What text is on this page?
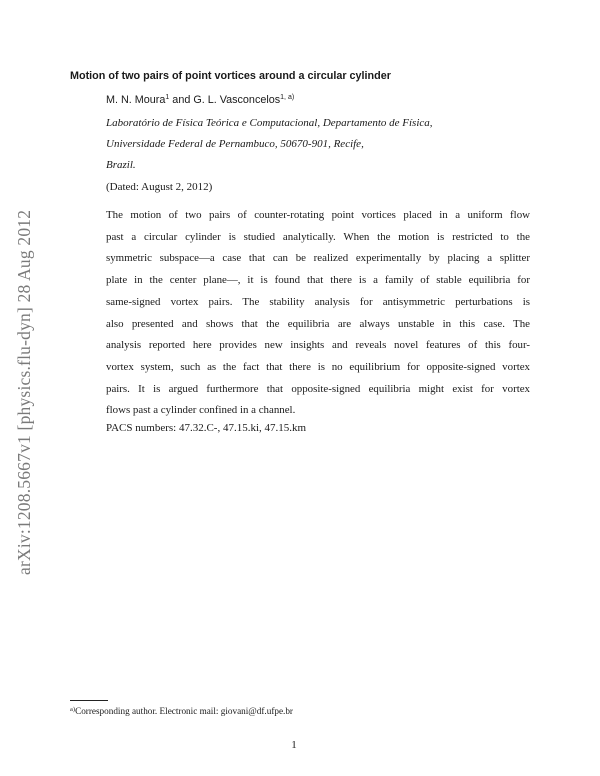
arXiv:1208.5667v1 [physics.flu-dyn] 28 Aug 2012
Motion of two pairs of point vortices around a circular cylinder
M. N. Moura$^1$ and G. L. Vasconcelos$^{1, a)}$
Laboratório de Física Teórica e Computacional, Departamento de Física,
Universidade Federal de Pernambuco, 50670-901, Recife,
Brazil.
(Dated: August 2, 2012)
The motion of two pairs of counter-rotating point vortices placed in a uniform flow
past a circular cylinder is studied analytically. When the motion is restricted to the
symmetric subspace—a case that can be realized experimentally by placing a splitter
plate in the center plane—, it is found that there is a family of stable equilibria for
same-signed vortex pairs. The stability analysis for antisymmetric perturbations is
also presented and shows that the equilibria are always unstable in this case. The
analysis reported here provides new insights and reveals novel features of this four-
vortex system, such as the fact that there is no equilibrium for opposite-signed vortex
pairs. It is argued furthermore that opposite-signed equilibria might exist for vortex
flows past a cylinder confined in a channel.
PACS numbers: 47.32.C-, 47.15.ki, 47.15.km
$^{a)}$Corresponding author. Electronic mail: giovani@df.ufpe.br
1
